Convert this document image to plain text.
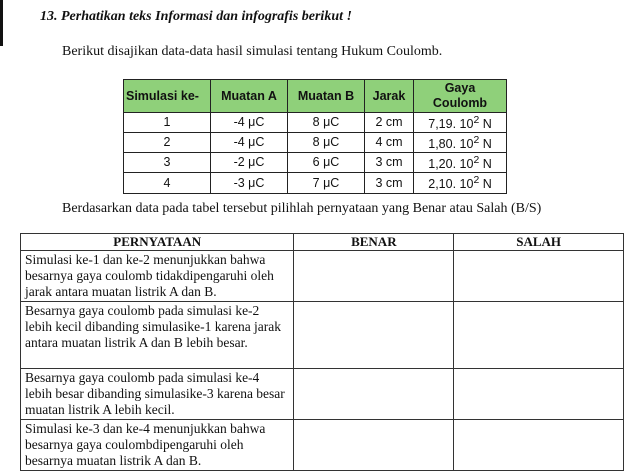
13. Perhatikan teks Informasi dan infografis berikut !
Berikut disajikan data-data hasil simulasi tentang Hukum Coulomb.
Simulasi ke-	Muatan A	Muatan B	Jarak	Gaya Coulomb
1	-4 μC	8 μC	2 cm	7,19. $10^2$ N
2	-4 μC	8 μC	4 cm	1,80. $10^2$ N
3	-2 μC	6 μC	3 cm	1,20. $10^2$ N
4	-3 μC	7 μC	3 cm	2,10. $10^2$ N
Berdasarkan data pada tabel tersebut pilihlah pernyataan yang Benar atau Salah (B/S)
PERNYATAAN	BENAR	SALAH
Simulasi ke-1 dan ke-2 menunjukkan bahwa besarnya gaya coulomb tidakdipengaruhi oleh jarak antara muatan listrik A dan B.		
Besarnya gaya coulomb pada simulasi ke-2 lebih kecil dibanding simulasike-1 karena jarak antara muatan listrik A dan B lebih besar.		
Besarnya gaya coulomb pada simulasi ke-4 lebih besar dibanding simulasike-3 karena besar muatan listrik A lebih kecil.		
Simulasi ke-3 dan ke-4 menunjukkan bahwa besarnya gaya coulombdipengaruhi oleh besarnya muatan listrik A dan B.		
